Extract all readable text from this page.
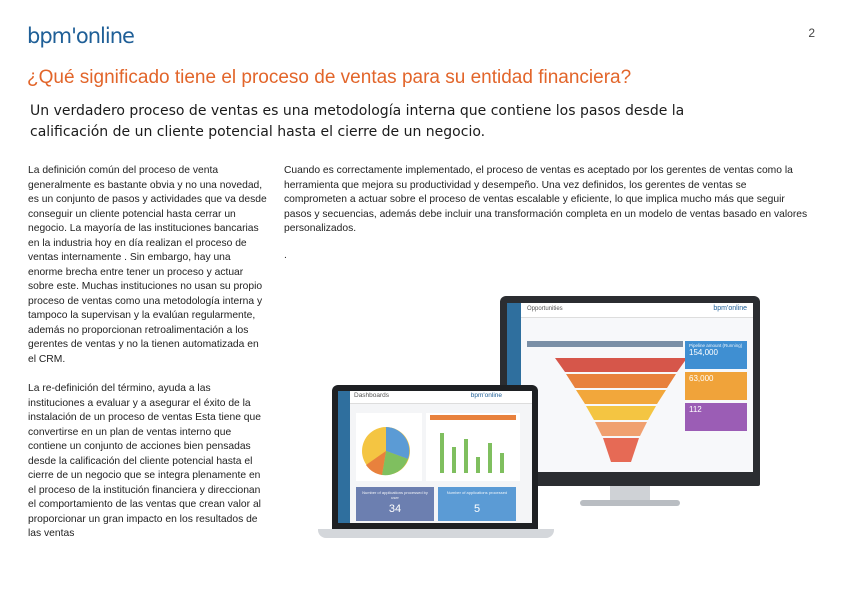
bpm'online	2
¿Qué significado tiene el proceso de ventas para su entidad financiera?
Un verdadero proceso de ventas es una metodología interna que contiene los pasos desde la calificación de un cliente potencial hasta el cierre de un negocio.

La definición común del proceso de venta generalmente es bastante obvia y no una novedad, es un conjunto de pasos y actividades que va desde conseguir un cliente potencial hasta cerrar un negocio. La mayoría de las instituciones bancarias en la industria hoy en día realizan el proceso de ventas internamente . Sin embargo, hay una enorme brecha entre tener un proceso y actuar sobre este. Muchas instituciones no usan su propio proceso de ventas como una metodología interna y tampoco la supervisan y la evalúan regularmente, además no proporcionan retroalimentación a los gerentes de ventas y no la tienen automatizada en el CRM.

La re-definición del término, ayuda a las instituciones a evaluar y a asegurar el éxito de la instalación de un proceso de ventas Esta tiene que convertirse en un plan de ventas interno que contiene un conjunto de acciones bien pensadas desde la calificación del cliente potencial hasta el cierre de un negocio que se integra plenamente en el proceso de la institución financiera y direccionan el comportamiento de las ventas que crean valor al proporcionar un gran impacto en los resultados de las ventas

Cuando es correctamente implementado, el proceso de ventas es aceptado por los gerentes de ventas como la herramienta que mejora su productividad y desempeño. Una vez definidos, los gerentes de ventas se comprometen a actuar sobre el proceso de ventas escalable y eficiente, lo que implica mucho más que seguir pasos y secuencias, además debe incluir una transformación completa en un modelo de ventas basado en valores personalizados.

.

Opportunities	bpm'online
Pipeline amount (Running)
154,000
63,000
112
Dashboards	bpm'online
Number of applications processed by user
34
Number of applications processed
5
